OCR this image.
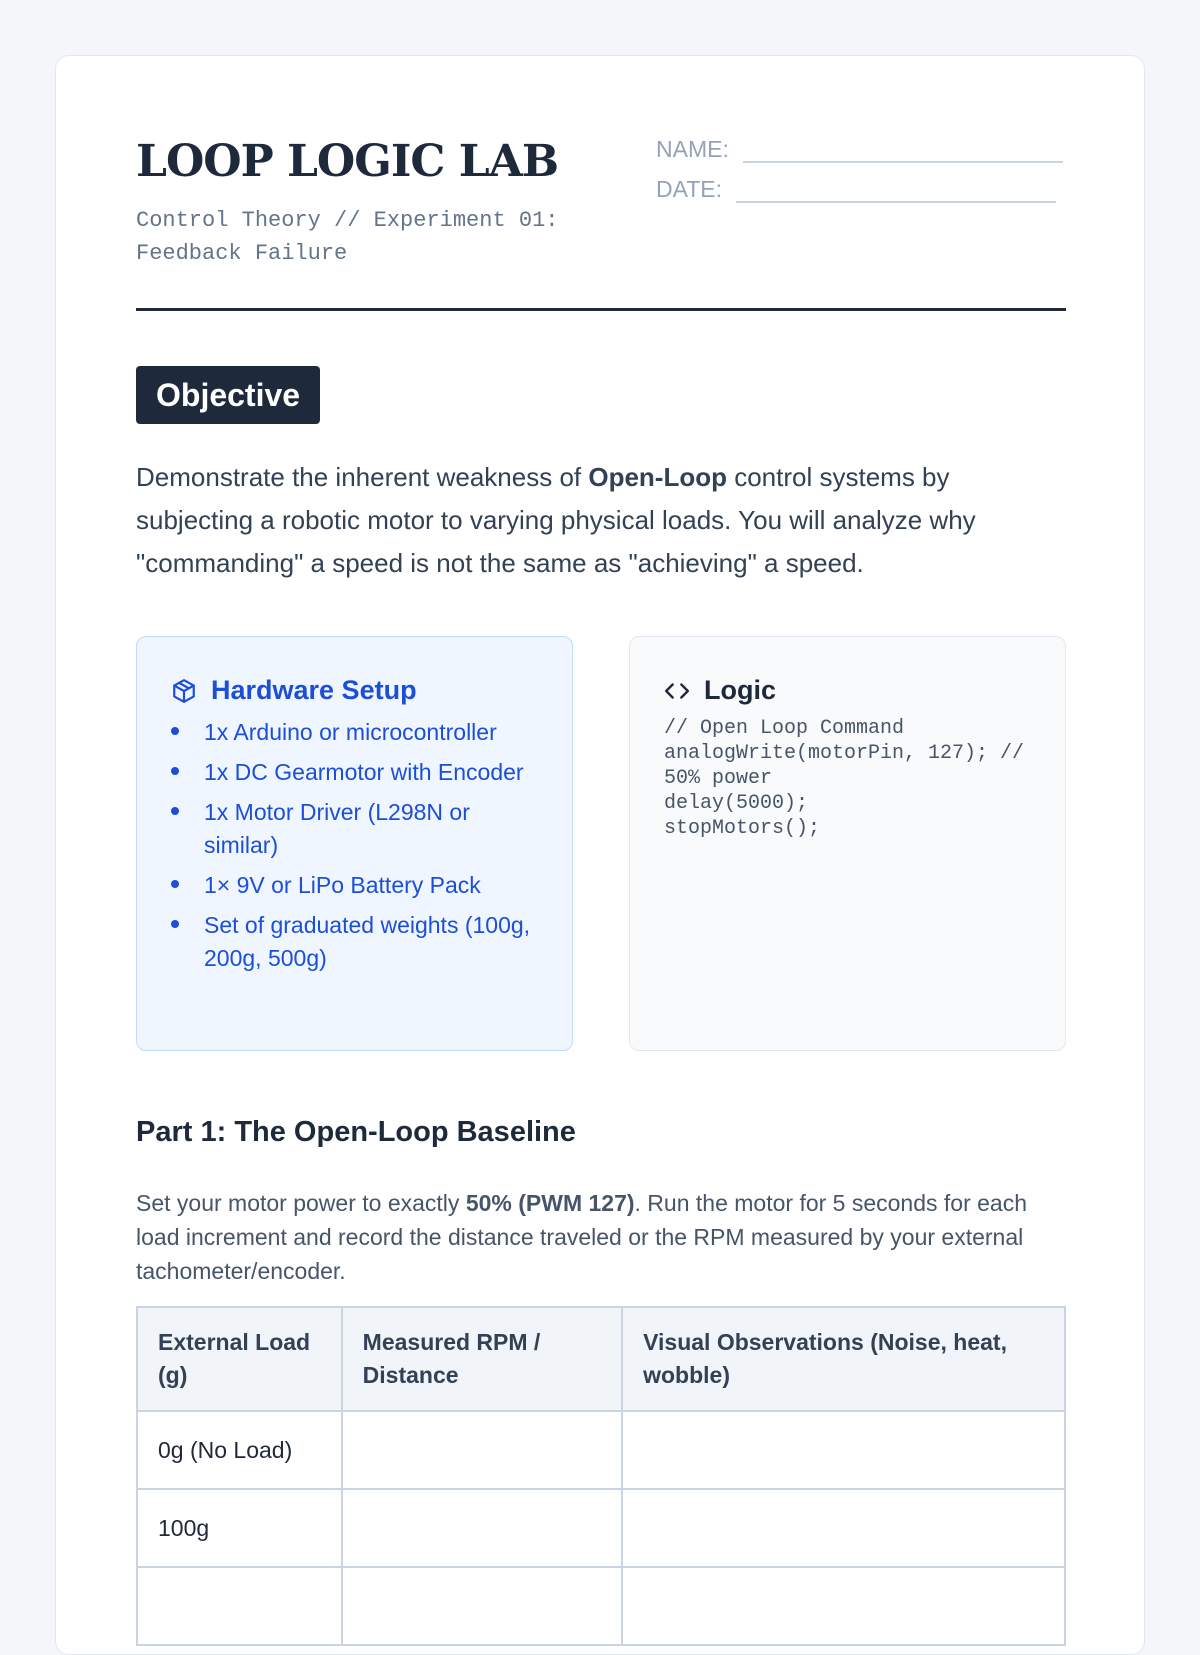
LOOP LOGIC LAB
Control Theory // Experiment 01: Feedback Failure
NAME:
DATE:
Objective
Demonstrate the inherent weakness of Open-Loop control systems by subjecting a robotic motor to varying physical loads. You will analyze why "commanding" a speed is not the same as "achieving" a speed.
Hardware Setup
1x Arduino or microcontroller
1x DC Gearmotor with Encoder
1x Motor Driver (L298N or similar)
1× 9V or LiPo Battery Pack
Set of graduated weights (100g, 200g, 500g)
Logic
// Open Loop Command
analogWrite(motorPin, 127); // 50% power
delay(5000);
stopMotors();
Part 1: The Open-Loop Baseline
Set your motor power to exactly 50% (PWM 127). Run the motor for 5 seconds for each load increment and record the distance traveled or the RPM measured by your external tachometer/encoder.
External Load (g)	Measured RPM / Distance	Visual Observations (Noise, heat, wobble)
0g (No Load)		
100g		
